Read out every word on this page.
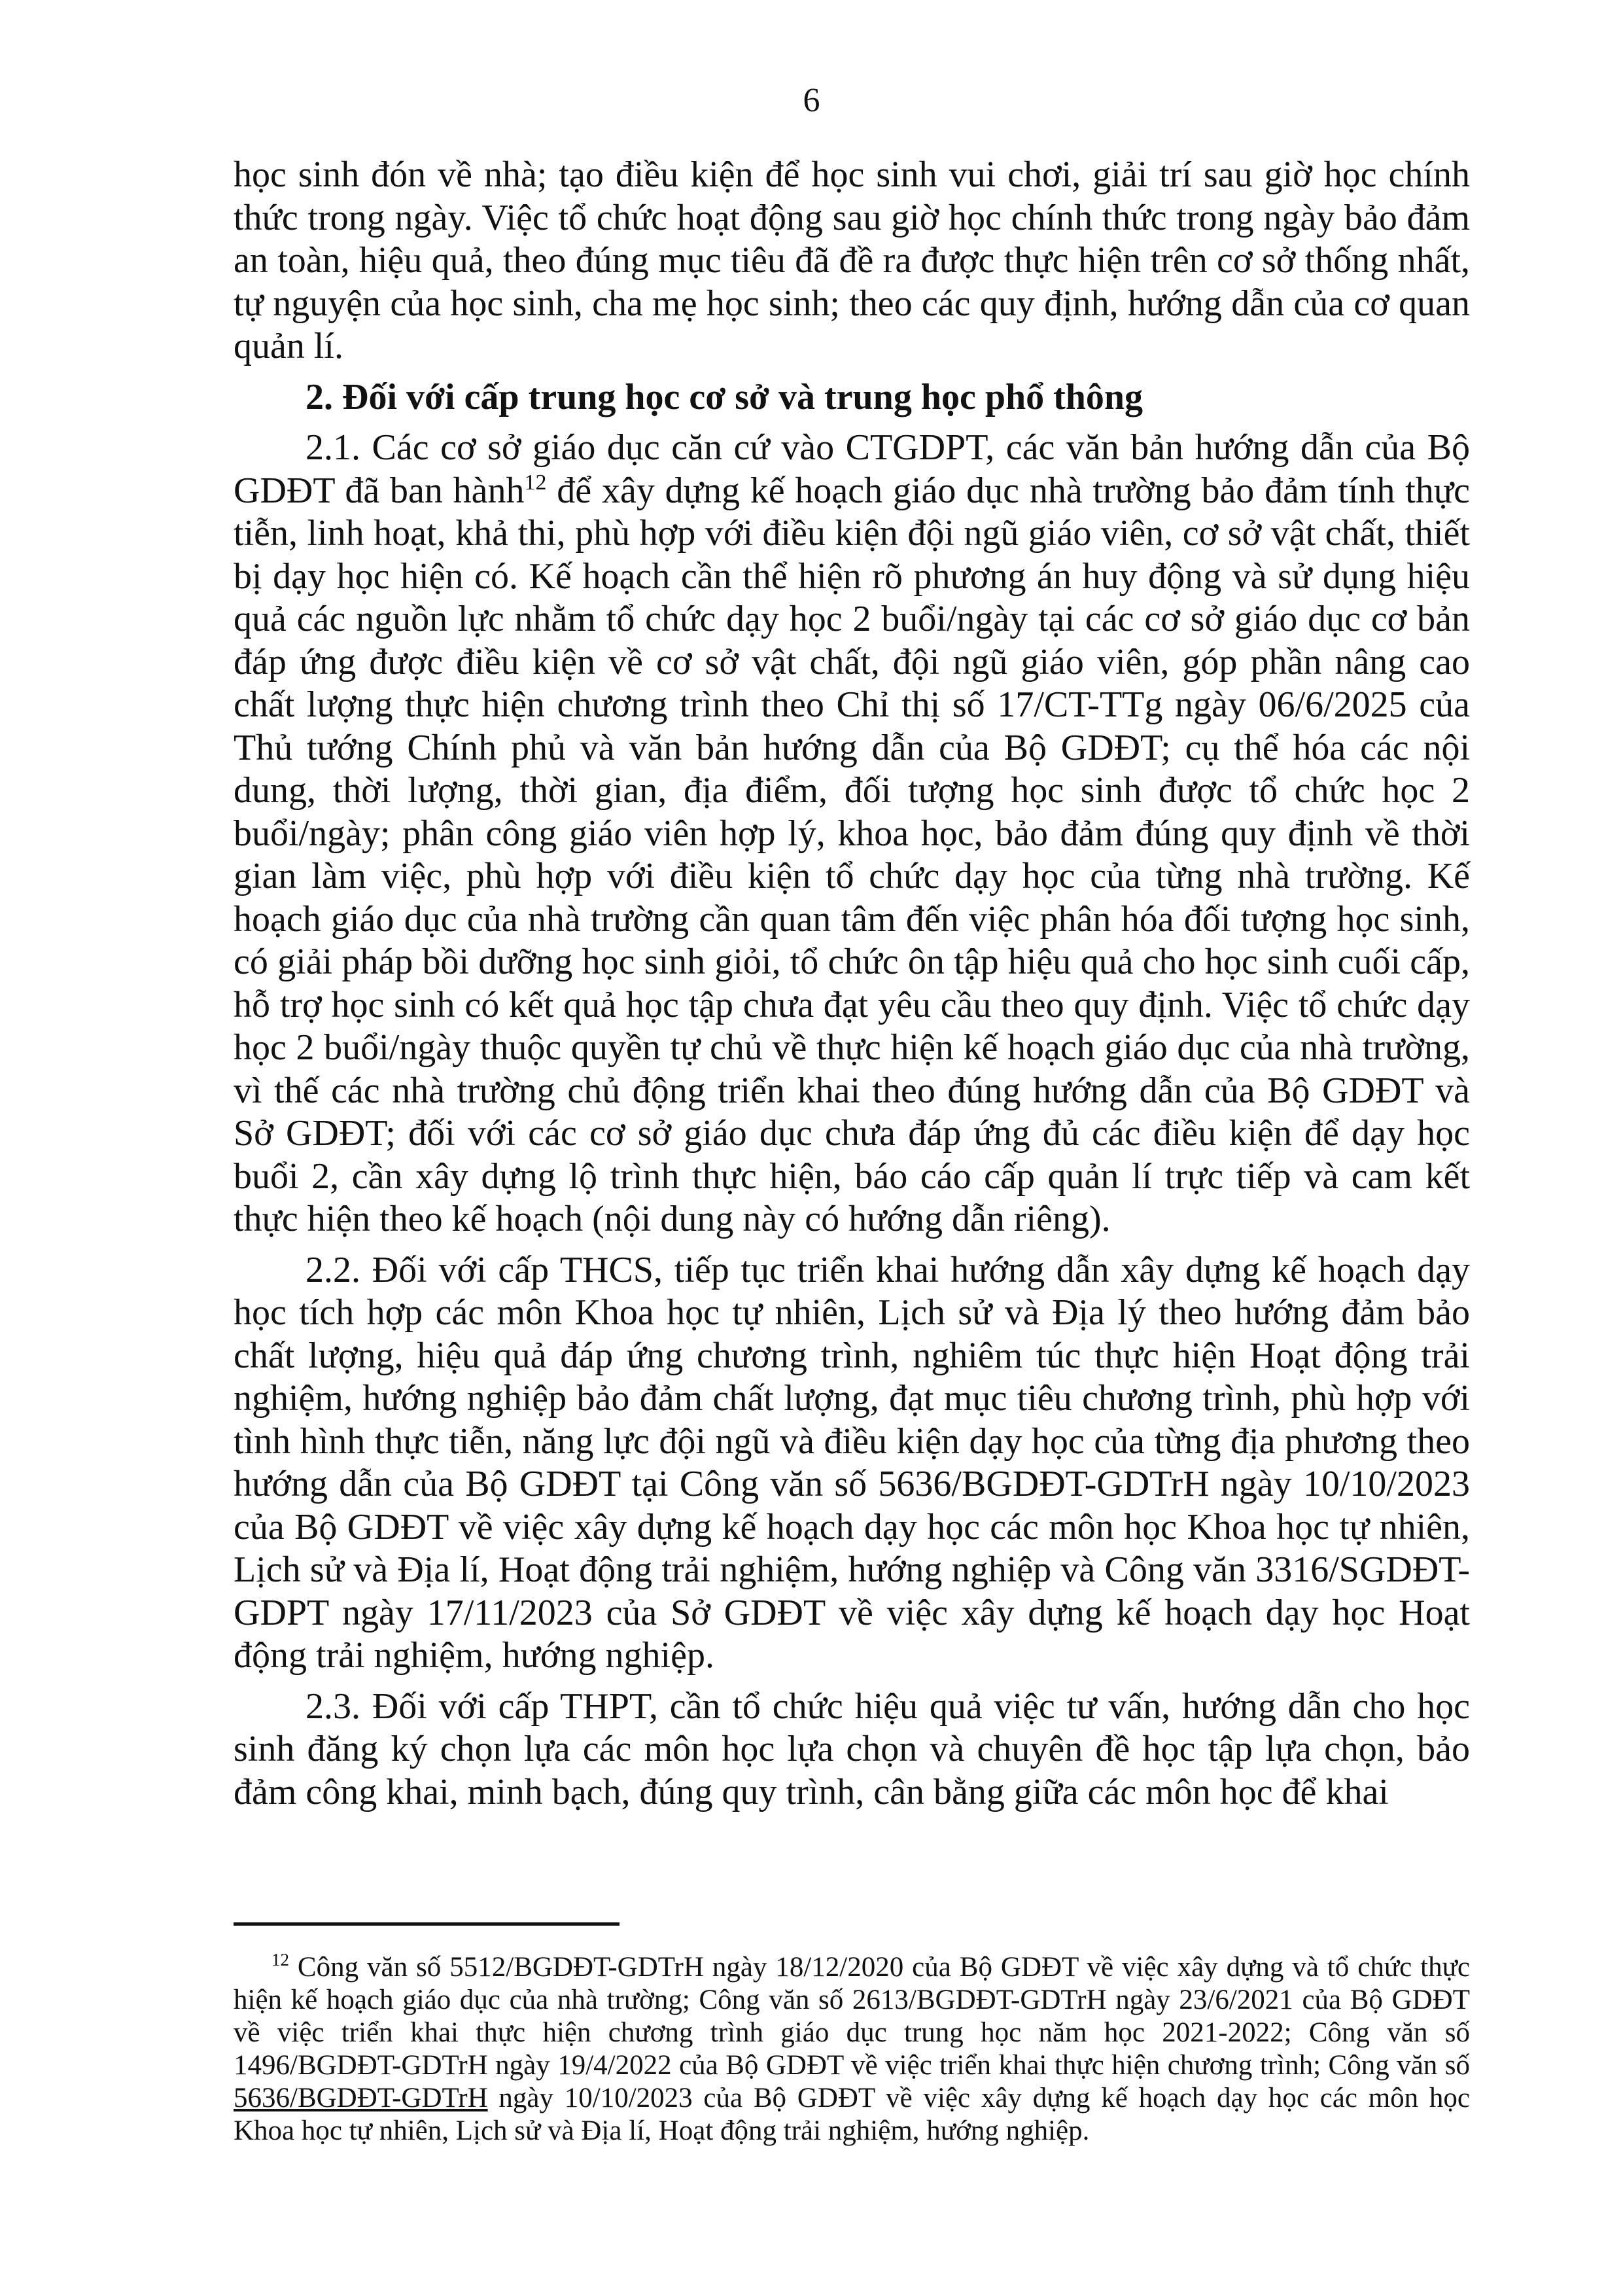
6

học sinh đón về nhà; tạo điều kiện để học sinh vui chơi, giải trí sau giờ học chính thức trong ngày. Việc tổ chức hoạt động sau giờ học chính thức trong ngày bảo đảm an toàn, hiệu quả, theo đúng mục tiêu đã đề ra được thực hiện trên cơ sở thống nhất, tự nguyện của học sinh, cha mẹ học sinh; theo các quy định, hướng dẫn của cơ quan quản lí.

2. Đối với cấp trung học cơ sở và trung học phổ thông

2.1. Các cơ sở giáo dục căn cứ vào CTGDPT, các văn bản hướng dẫn của Bộ GDĐT đã ban hành$^{12}$ để xây dựng kế hoạch giáo dục nhà trường bảo đảm tính thực tiễn, linh hoạt, khả thi, phù hợp với điều kiện đội ngũ giáo viên, cơ sở vật chất, thiết bị dạy học hiện có. Kế hoạch cần thể hiện rõ phương án huy động và sử dụng hiệu quả các nguồn lực nhằm tổ chức dạy học 2 buổi/ngày tại các cơ sở giáo dục cơ bản đáp ứng được điều kiện về cơ sở vật chất, đội ngũ giáo viên, góp phần nâng cao chất lượng thực hiện chương trình theo Chỉ thị số 17/CT-TTg ngày 06/6/2025 của Thủ tướng Chính phủ và văn bản hướng dẫn của Bộ GDĐT; cụ thể hóa các nội dung, thời lượng, thời gian, địa điểm, đối tượng học sinh được tổ chức học 2 buổi/ngày; phân công giáo viên hợp lý, khoa học, bảo đảm đúng quy định về thời gian làm việc, phù hợp với điều kiện tổ chức dạy học của từng nhà trường. Kế hoạch giáo dục của nhà trường cần quan tâm đến việc phân hóa đối tượng học sinh, có giải pháp bồi dưỡng học sinh giỏi, tổ chức ôn tập hiệu quả cho học sinh cuối cấp, hỗ trợ học sinh có kết quả học tập chưa đạt yêu cầu theo quy định. Việc tổ chức dạy học 2 buổi/ngày thuộc quyền tự chủ về thực hiện kế hoạch giáo dục của nhà trường, vì thế các nhà trường chủ động triển khai theo đúng hướng dẫn của Bộ GDĐT và Sở GDĐT; đối với các cơ sở giáo dục chưa đáp ứng đủ các điều kiện để dạy học buổi 2, cần xây dựng lộ trình thực hiện, báo cáo cấp quản lí trực tiếp và cam kết thực hiện theo kế hoạch (nội dung này có hướng dẫn riêng).

2.2. Đối với cấp THCS, tiếp tục triển khai hướng dẫn xây dựng kế hoạch dạy học tích hợp các môn Khoa học tự nhiên, Lịch sử và Địa lý theo hướng đảm bảo chất lượng, hiệu quả đáp ứng chương trình, nghiêm túc thực hiện Hoạt động trải nghiệm, hướng nghiệp bảo đảm chất lượng, đạt mục tiêu chương trình, phù hợp với tình hình thực tiễn, năng lực đội ngũ và điều kiện dạy học của từng địa phương theo hướng dẫn của Bộ GDĐT tại Công văn số 5636/BGDĐT-GDTrH ngày 10/10/2023 của Bộ GDĐT về việc xây dựng kế hoạch dạy học các môn học Khoa học tự nhiên, Lịch sử và Địa lí, Hoạt động trải nghiệm, hướng nghiệp và Công văn 3316/SGDĐT- GDPT ngày 17/11/2023 của Sở GDĐT về việc xây dựng kế hoạch dạy học Hoạt động trải nghiệm, hướng nghiệp.

2.3. Đối với cấp THPT, cần tổ chức hiệu quả việc tư vấn, hướng dẫn cho học sinh đăng ký chọn lựa các môn học lựa chọn và chuyên đề học tập lựa chọn, bảo đảm công khai, minh bạch, đúng quy trình, cân bằng giữa các môn học để khai

$^{12}$ Công văn số 5512/BGDĐT-GDTrH ngày 18/12/2020 của Bộ GDĐT về việc xây dựng và tổ chức thực hiện kế hoạch giáo dục của nhà trường; Công văn số 2613/BGDĐT-GDTrH ngày 23/6/2021 của Bộ GDĐT về việc triển khai thực hiện chương trình giáo dục trung học năm học 2021-2022; Công văn số 1496/BGDĐT-GDTrH ngày 19/4/2022 của Bộ GDĐT về việc triển khai thực hiện chương trình; Công văn số 5636/BGDĐT-GDTrH ngày 10/10/2023 của Bộ GDĐT về việc xây dựng kế hoạch dạy học các môn học Khoa học tự nhiên, Lịch sử và Địa lí, Hoạt động trải nghiệm, hướng nghiệp.
